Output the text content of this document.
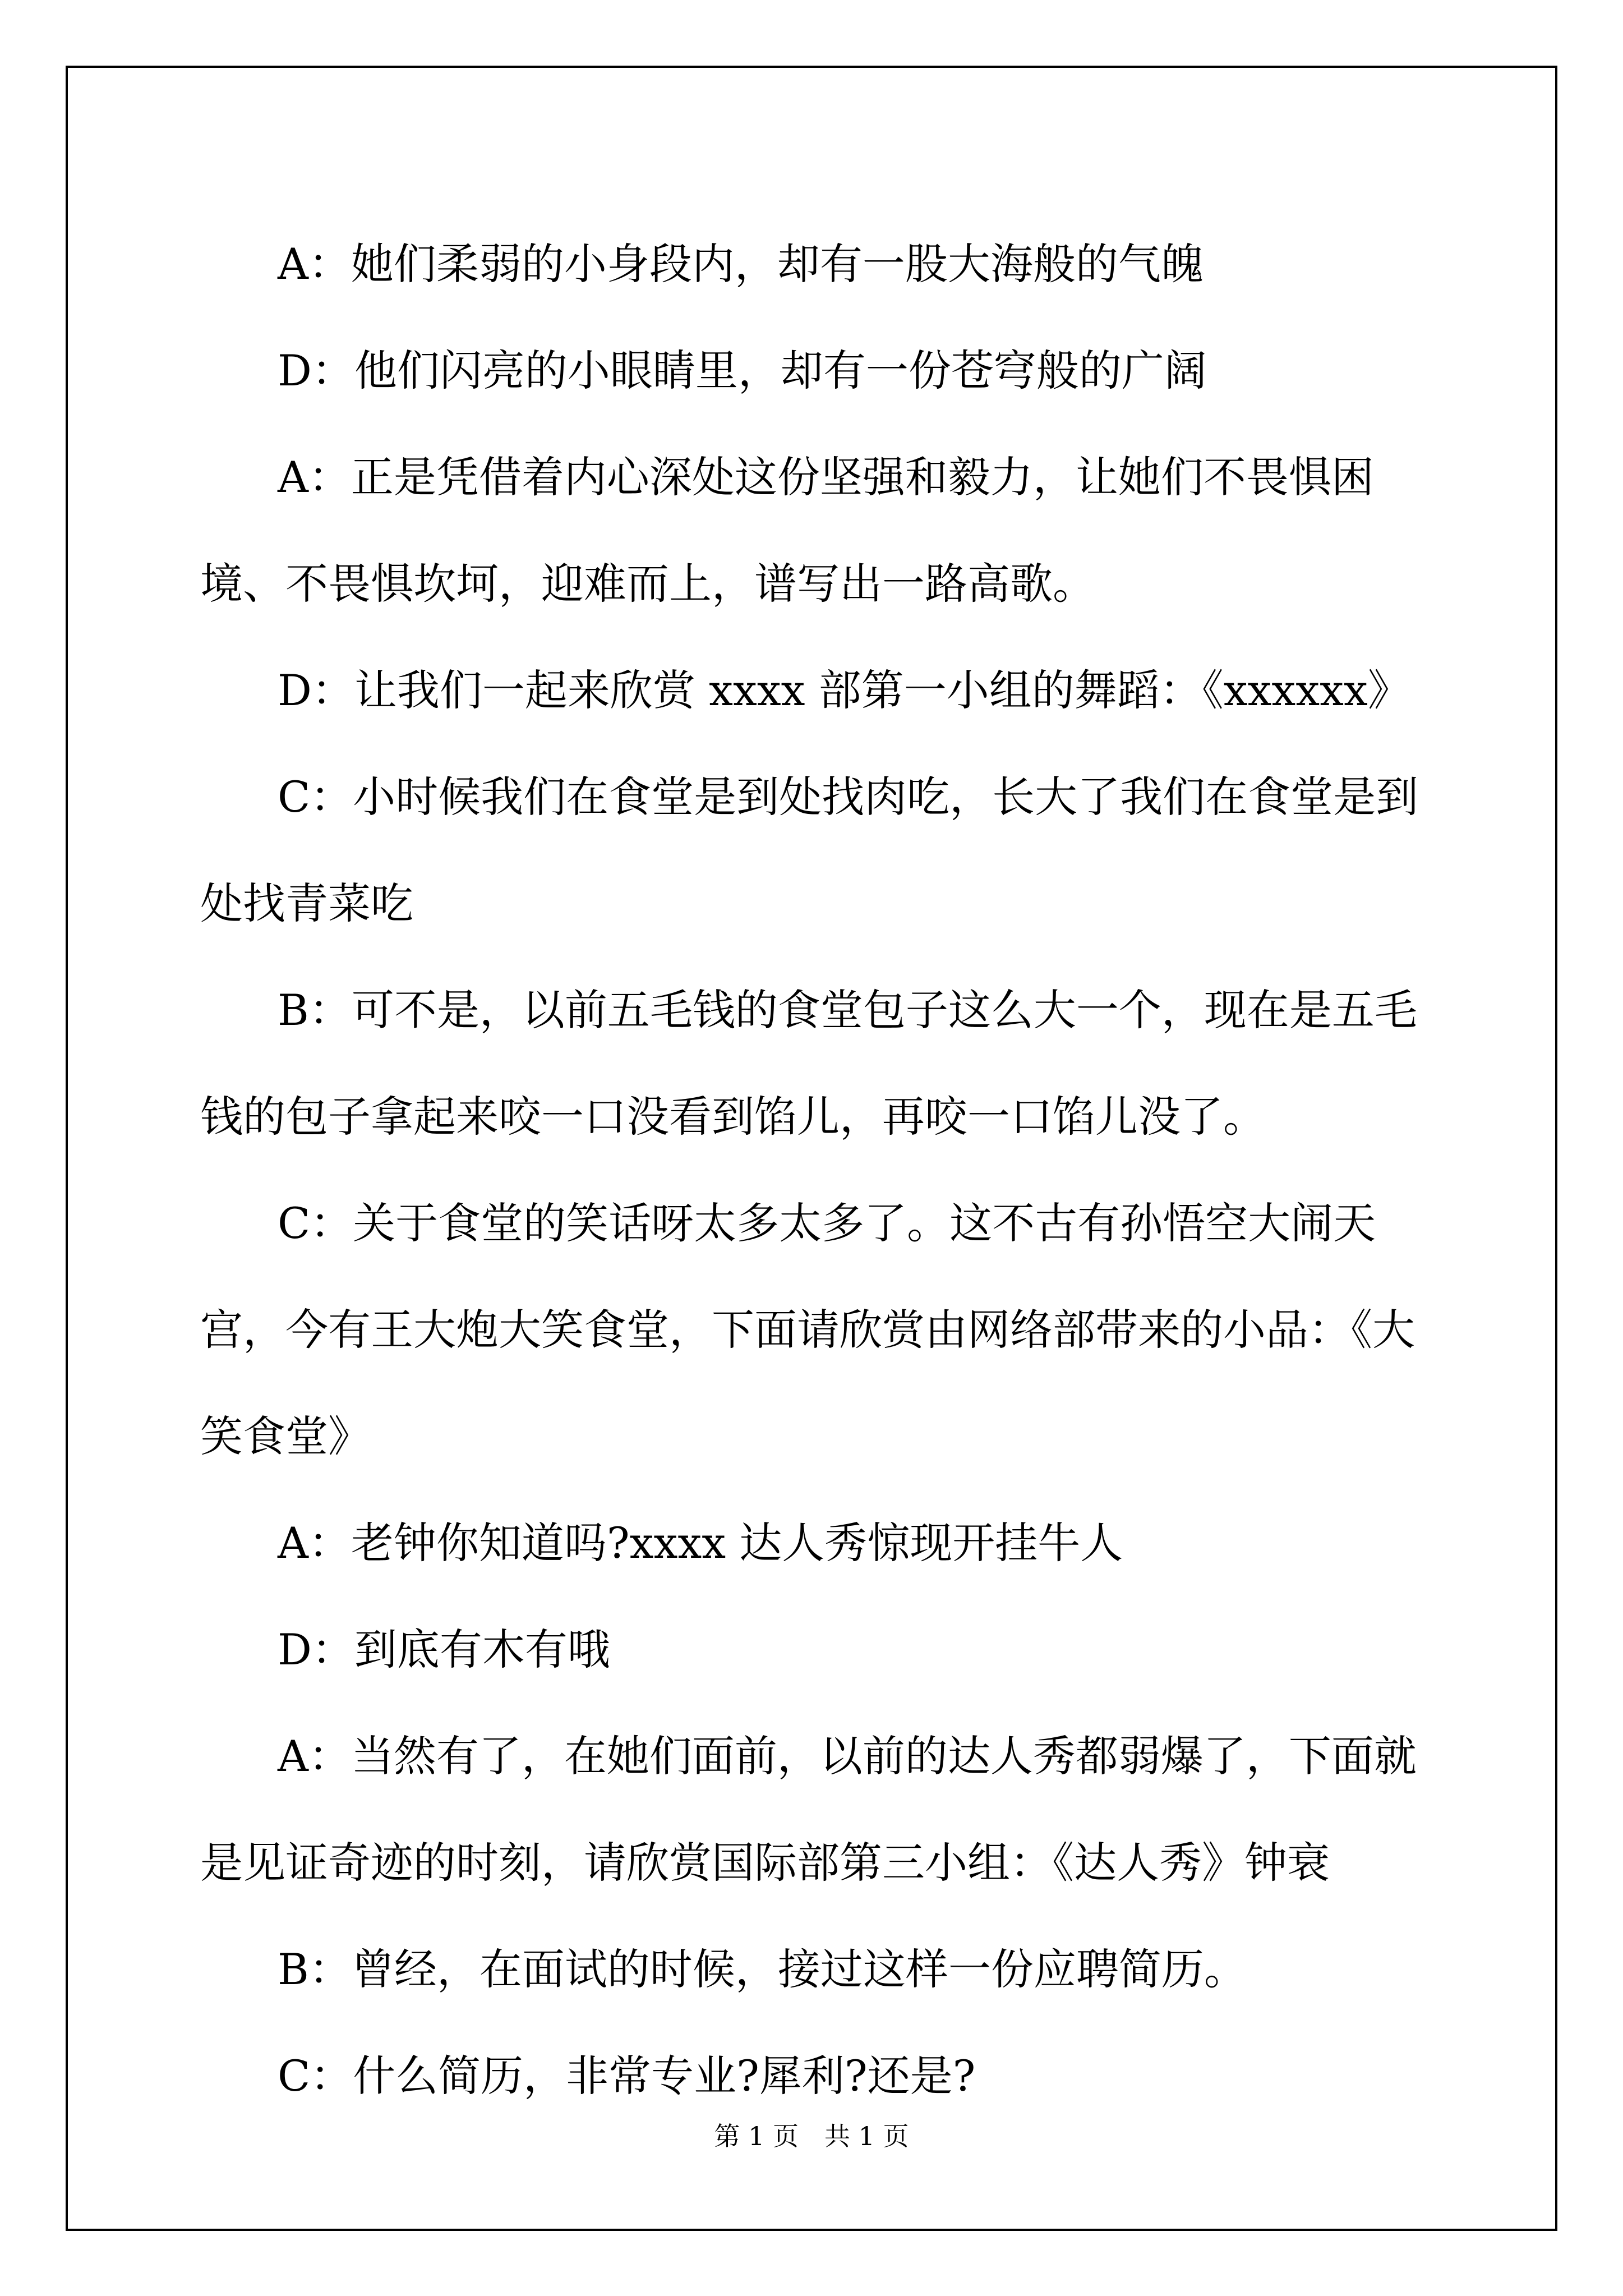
A：她们柔弱的小身段内，却有一股大海般的气魄

D：他们闪亮的小眼睛里，却有一份苍穹般的广阔

A：正是凭借着内心深处这份坚强和毅力，让她们不畏惧困境、不畏惧坎坷，迎难而上，谱写出一路高歌。

D：让我们一起来欣赏 xxxx 部第一小组的舞蹈：《xxxxxx》

C：小时候我们在食堂是到处找肉吃，长大了我们在食堂是到处找青菜吃

B：可不是，以前五毛钱的食堂包子这么大一个，现在是五毛钱的包子拿起来咬一口没看到馅儿，再咬一口馅儿没了。

C：关于食堂的笑话呀太多太多了。这不古有孙悟空大闹天宫，今有王大炮大笑食堂，下面请欣赏由网络部带来的小品：《大笑食堂》

A：老钟你知道吗?xxxx 达人秀惊现开挂牛人

D：到底有木有哦

A：当然有了，在她们面前，以前的达人秀都弱爆了，下面就是见证奇迹的时刻，请欣赏国际部第三小组：《达人秀》钟衰

B：曾经，在面试的时候，接过这样一份应聘简历。

C：什么简历，非常专业?犀利?还是?

第 1 页　共 1 页
